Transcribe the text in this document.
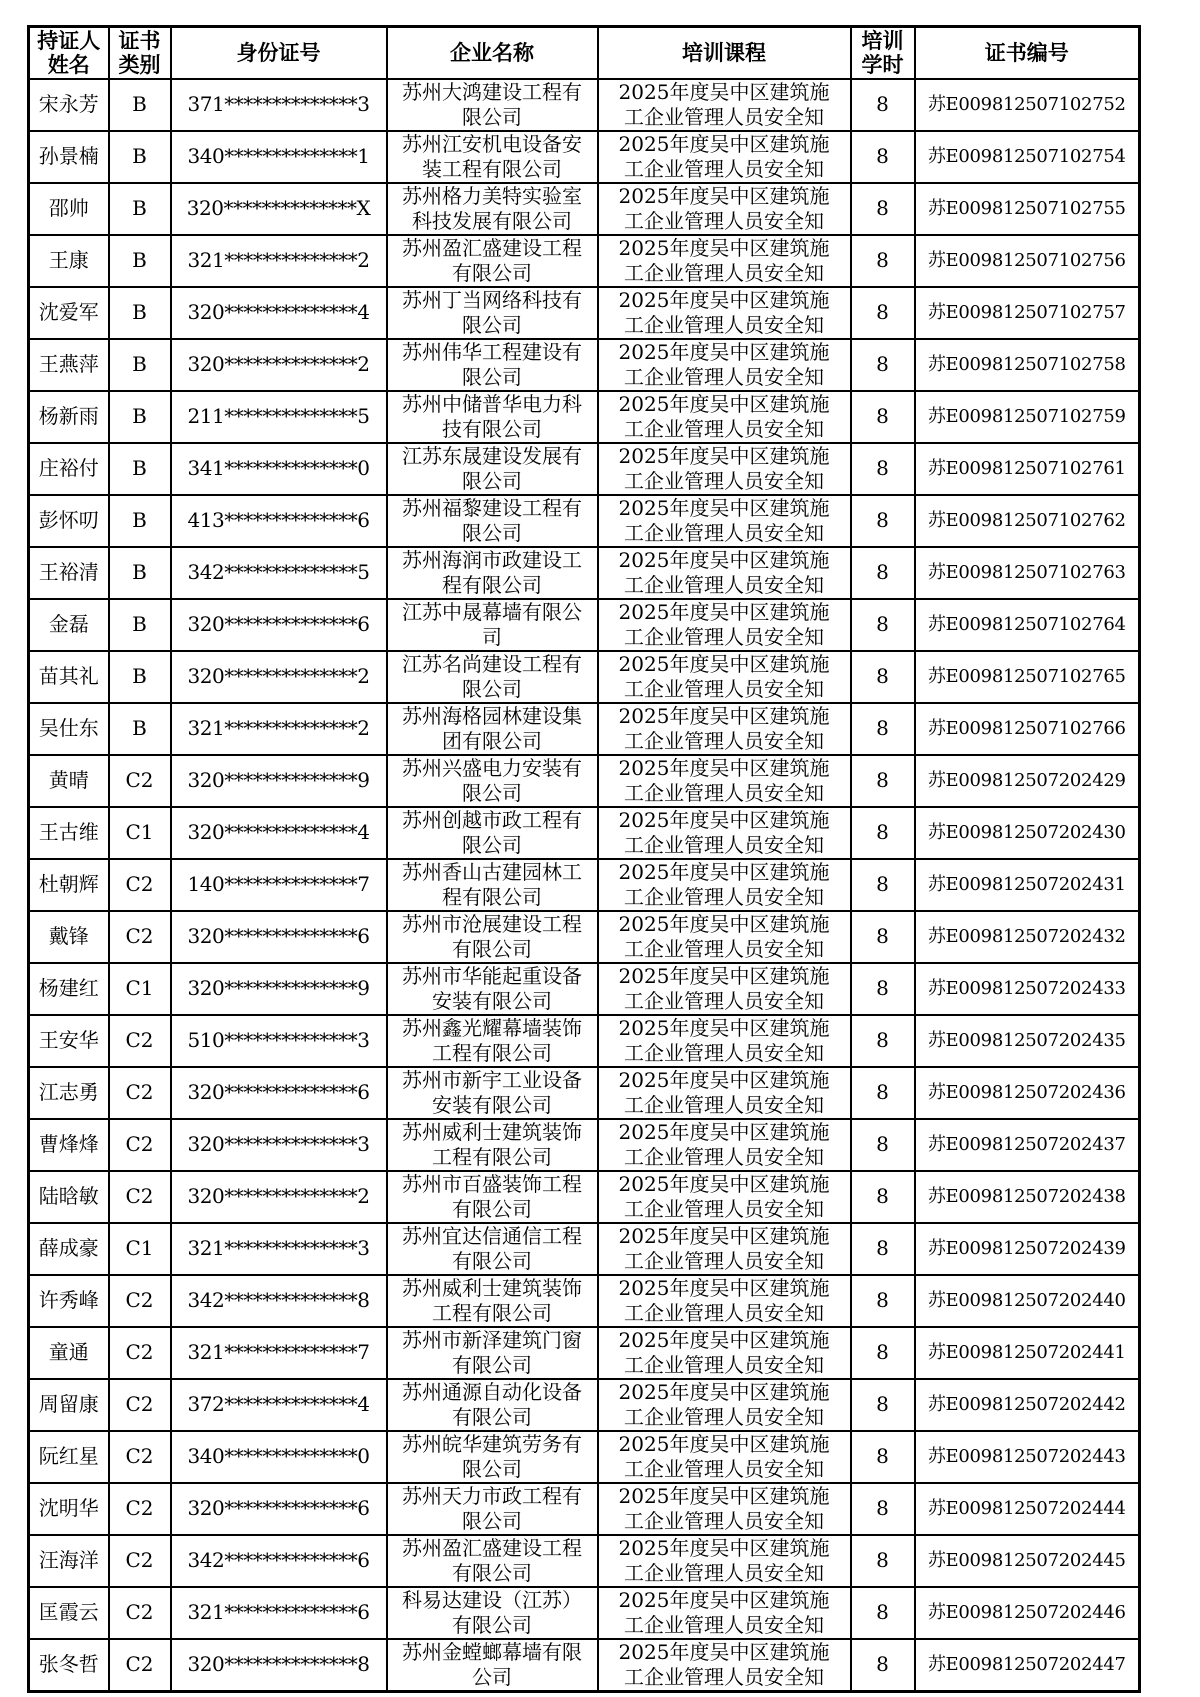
持证人姓名	证书类别	身份证号	企业名称	培训课程	培训学时	证书编号
宋永芳	B	371**************3	苏州大鸿建设工程有限公司	2025年度吴中区建筑施工企业管理人员安全知	8	苏E009812507102752
孙景楠	B	340**************1	苏州江安机电设备安装工程有限公司	2025年度吴中区建筑施工企业管理人员安全知	8	苏E009812507102754
邵帅	B	320**************X	苏州格力美特实验室科技发展有限公司	2025年度吴中区建筑施工企业管理人员安全知	8	苏E009812507102755
王康	B	321**************2	苏州盈汇盛建设工程有限公司	2025年度吴中区建筑施工企业管理人员安全知	8	苏E009812507102756
沈爱军	B	320**************4	苏州丁当网络科技有限公司	2025年度吴中区建筑施工企业管理人员安全知	8	苏E009812507102757
王燕萍	B	320**************2	苏州伟华工程建设有限公司	2025年度吴中区建筑施工企业管理人员安全知	8	苏E009812507102758
杨新雨	B	211**************5	苏州中储普华电力科技有限公司	2025年度吴中区建筑施工企业管理人员安全知	8	苏E009812507102759
庄裕付	B	341**************0	江苏东晟建设发展有限公司	2025年度吴中区建筑施工企业管理人员安全知	8	苏E009812507102761
彭怀叨	B	413**************6	苏州福黎建设工程有限公司	2025年度吴中区建筑施工企业管理人员安全知	8	苏E009812507102762
王裕清	B	342**************5	苏州海润市政建设工程有限公司	2025年度吴中区建筑施工企业管理人员安全知	8	苏E009812507102763
金磊	B	320**************6	江苏中晟幕墙有限公司	2025年度吴中区建筑施工企业管理人员安全知	8	苏E009812507102764
苗其礼	B	320**************2	江苏名尚建设工程有限公司	2025年度吴中区建筑施工企业管理人员安全知	8	苏E009812507102765
吴仕东	B	321**************2	苏州海格园林建设集团有限公司	2025年度吴中区建筑施工企业管理人员安全知	8	苏E009812507102766
黄晴	C2	320**************9	苏州兴盛电力安装有限公司	2025年度吴中区建筑施工企业管理人员安全知	8	苏E009812507202429
王古维	C1	320**************4	苏州创越市政工程有限公司	2025年度吴中区建筑施工企业管理人员安全知	8	苏E009812507202430
杜朝辉	C2	140**************7	苏州香山古建园林工程有限公司	2025年度吴中区建筑施工企业管理人员安全知	8	苏E009812507202431
戴锋	C2	320**************6	苏州市沧展建设工程有限公司	2025年度吴中区建筑施工企业管理人员安全知	8	苏E009812507202432
杨建红	C1	320**************9	苏州市华能起重设备安装有限公司	2025年度吴中区建筑施工企业管理人员安全知	8	苏E009812507202433
王安华	C2	510**************3	苏州鑫光耀幕墙装饰工程有限公司	2025年度吴中区建筑施工企业管理人员安全知	8	苏E009812507202435
江志勇	C2	320**************6	苏州市新宇工业设备安装有限公司	2025年度吴中区建筑施工企业管理人员安全知	8	苏E009812507202436
曹烽烽	C2	320**************3	苏州威利士建筑装饰工程有限公司	2025年度吴中区建筑施工企业管理人员安全知	8	苏E009812507202437
陆晗敏	C2	320**************2	苏州市百盛装饰工程有限公司	2025年度吴中区建筑施工企业管理人员安全知	8	苏E009812507202438
薛成豪	C1	321**************3	苏州宜达信通信工程有限公司	2025年度吴中区建筑施工企业管理人员安全知	8	苏E009812507202439
许秀峰	C2	342**************8	苏州威利士建筑装饰工程有限公司	2025年度吴中区建筑施工企业管理人员安全知	8	苏E009812507202440
童通	C2	321**************7	苏州市新泽建筑门窗有限公司	2025年度吴中区建筑施工企业管理人员安全知	8	苏E009812507202441
周留康	C2	372**************4	苏州通源自动化设备有限公司	2025年度吴中区建筑施工企业管理人员安全知	8	苏E009812507202442
阮红星	C2	340**************0	苏州皖华建筑劳务有限公司	2025年度吴中区建筑施工企业管理人员安全知	8	苏E009812507202443
沈明华	C2	320**************6	苏州天力市政工程有限公司	2025年度吴中区建筑施工企业管理人员安全知	8	苏E009812507202444
汪海洋	C2	342**************6	苏州盈汇盛建设工程有限公司	2025年度吴中区建筑施工企业管理人员安全知	8	苏E009812507202445
匡霞云	C2	321**************6	科易达建设（江苏）有限公司	2025年度吴中区建筑施工企业管理人员安全知	8	苏E009812507202446
张冬哲	C2	320**************8	苏州金螳螂幕墙有限公司	2025年度吴中区建筑施工企业管理人员安全知	8	苏E009812507202447
